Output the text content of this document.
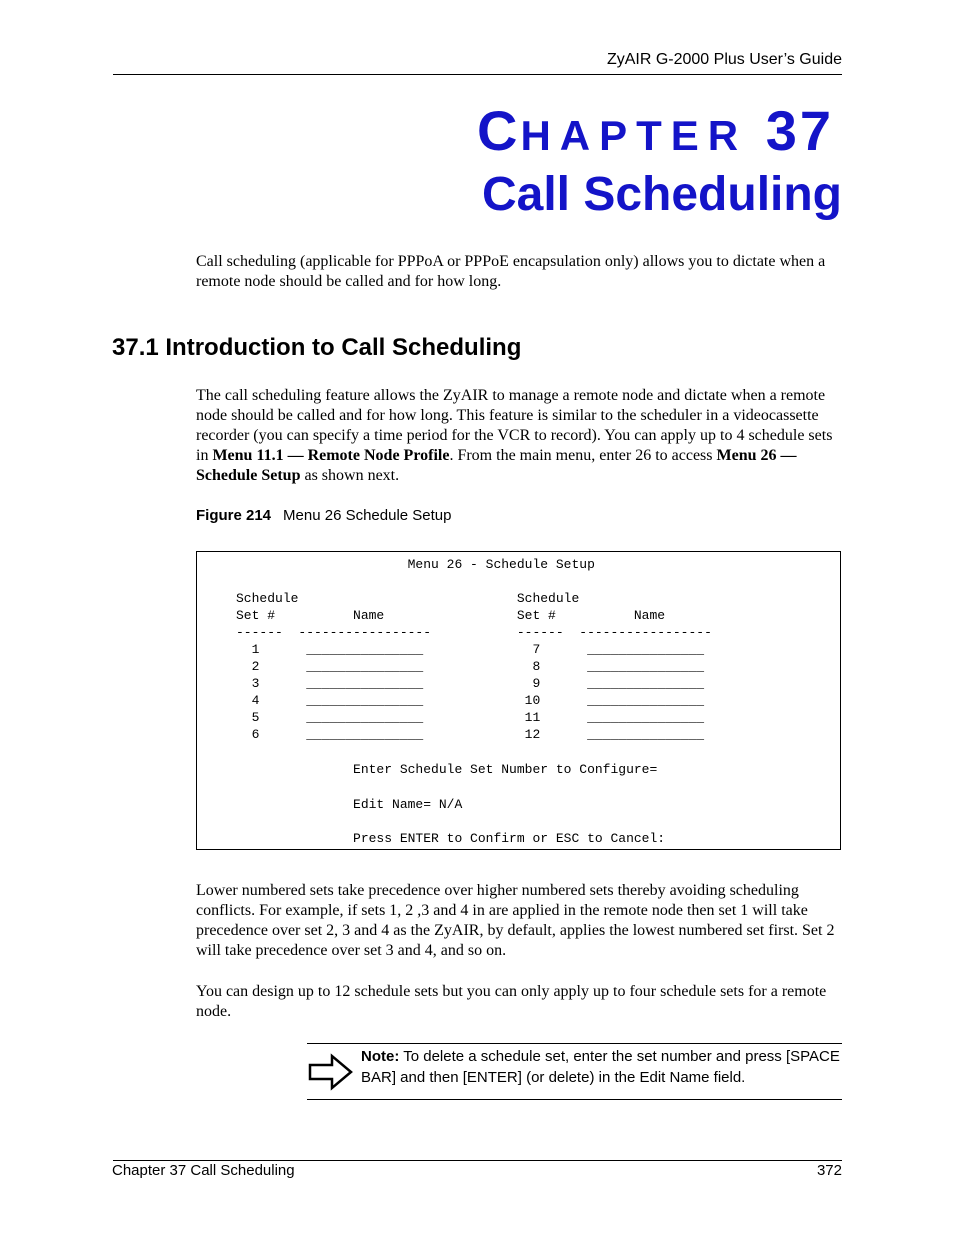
ZyAIR G-2000 Plus User’s Guide
CHAPTER 37
Call Scheduling
Call scheduling (applicable for PPPoA or PPPoE encapsulation only) allows you to dictate when a remote node should be called and for how long.
37.1 Introduction to Call Scheduling
The call scheduling feature allows the ZyAIR to manage a remote node and dictate when a remote node should be called and for how long. This feature is similar to the scheduler in a videocassette recorder (you can specify a time period for the VCR to record). You can apply up to 4 schedule sets in Menu 11.1 — Remote Node Profile. From the main menu, enter 26 to access Menu 26 — Schedule Setup as shown next.
Figure 214 Menu 26 Schedule Setup
Menu 26 - Schedule Setup
Schedule                            Schedule
Set #          Name                 Set #          Name
------  -----------------           ------  -----------------
1      _______________              7      _______________
2      _______________              8      _______________
3      _______________              9      _______________
4      _______________             10      _______________
5      _______________             11      _______________
6      _______________             12      _______________
Enter Schedule Set Number to Configure=
Edit Name= N/A
Press ENTER to Confirm or ESC to Cancel:
Lower numbered sets take precedence over higher numbered sets thereby avoiding scheduling conflicts. For example, if sets 1, 2 ,3 and 4 in are applied in the remote node then set 1 will take precedence over set 2, 3 and 4 as the ZyAIR, by default, applies the lowest numbered set first. Set 2 will take precedence over set 3 and 4, and so on.
You can design up to 12 schedule sets but you can only apply up to four schedule sets for a remote node.
Note: To delete a schedule set, enter the set number and press [SPACE BAR] and then [ENTER] (or delete) in the Edit Name field.
Chapter 37 Call Scheduling	372
